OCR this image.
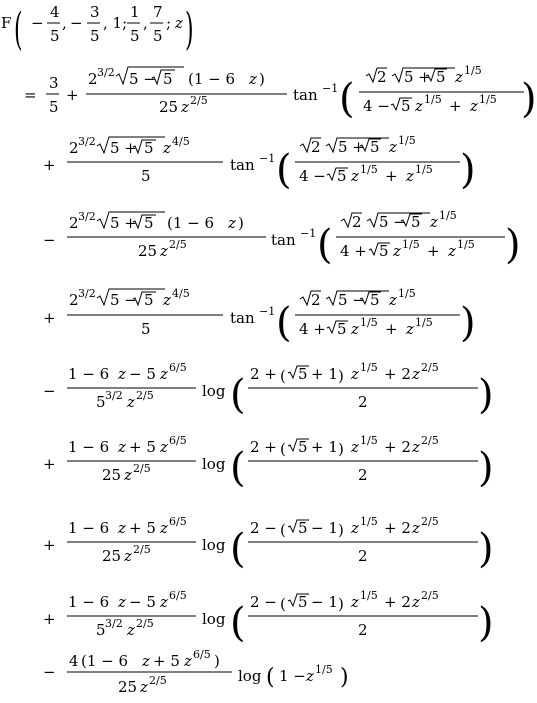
F ( −
4
5
, −
3
5
, 1;
1
5
,
7
5
; z )
=
3
5
+
2 3/2 5 − 5 (1 − 6 z )
25 z 2/5	tan −1 ( 2 5 + 5 z 1/5
4 − 5 z 1/5 + z 1/5 )
+
2 3/2 5 + 5 z 4/5
5
tan −1 ( 2 5 + 5 z 1/5
4 − 5 z 1/5 + z 1/5 )
−
2 3/2 5 + 5 (1 − 6 z )
25 z 2/5	tan −1 ( 2 5 − 5 z 1/5
4 + 5 z 1/5 + z 1/5 )
+
2 3/2 5 − 5 z 4/5
5
tan −1 ( 2 5 − 5 z 1/5
4 + 5 z 1/5 + z 1/5 )
−
1 − 6 z − 5 z 6/5
5 3/2 z 2/5	log ( 2 + ( 5 + 1 ) z 1/5 + 2 z 2/5
2	)
+
1 − 6 z + 5 z 6/5
25 z 2/5	log ( 2 + ( 5 + 1 ) z 1/5 + 2 z 2/5
2	)
+
1 − 6 z + 5 z 6/5
25 z 2/5	log ( 2 − ( 5 − 1 ) z 1/5 + 2 z 2/5
2	)
+
1 − 6 z − 5 z 6/5
5 3/2 z 2/5	log ( 2 − ( 5 − 1 ) z 1/5 + 2 z 2/5
2	)
−
4 (1 − 6 z + 5 z 6/5 )
25 z 2/5	log ( 1 − z 1/5 )
